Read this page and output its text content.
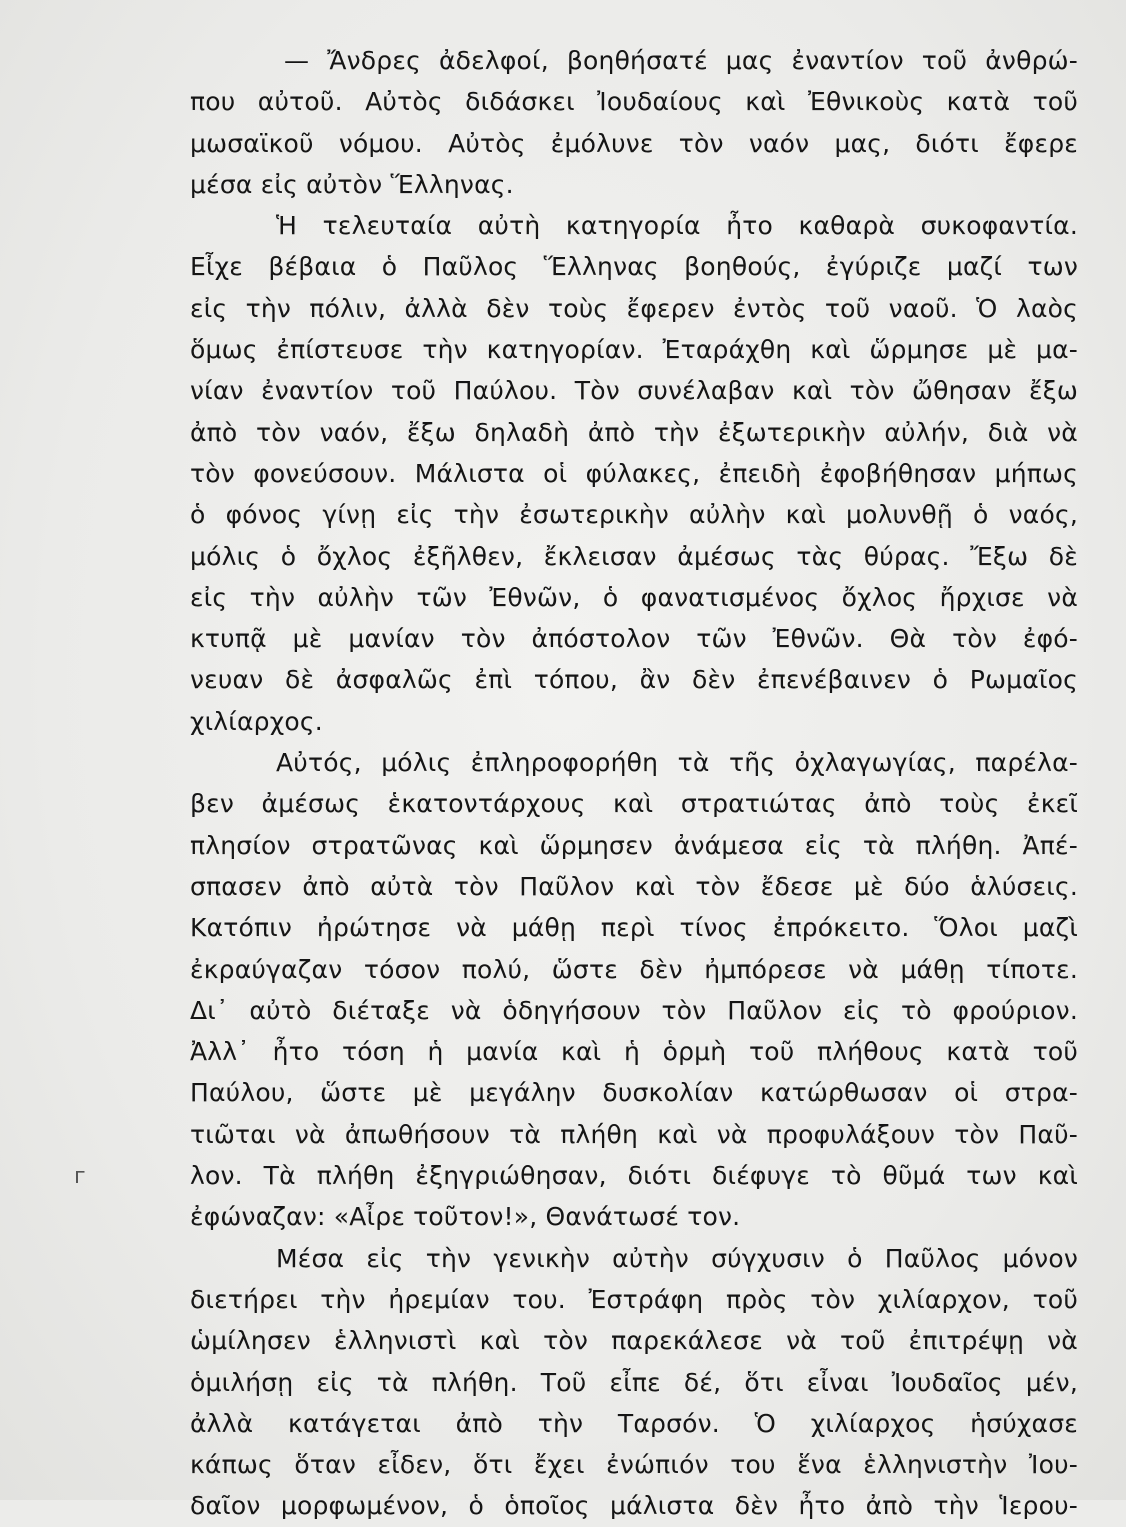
г
— Ἄνδρες ἀδελφοί, βοηθήσατέ μας ἐναντίον τοῦ ἀνθρώ-
που αὐτοῦ. Αὐτὸς διδάσκει Ἰουδαίους καὶ Ἐθνικοὺς κατὰ τοῦ
μωσαϊκοῦ νόμου. Αὐτὸς ἐμόλυνε τὸν ναόν μας, διότι ἔφερε
μέσα εἰς αὐτὸν Ἕλληνας.
Ἡ τελευταία αὐτὴ κατηγορία ἦτο καθαρὰ συκοφαντία.
Εἶχε βέβαια ὁ Παῦλος Ἕλληνας βοηθούς, ἐγύριζε μαζί των
εἰς τὴν πόλιν, ἀλλὰ δὲν τοὺς ἔφερεν ἐντὸς τοῦ ναοῦ. Ὁ λαὸς
ὅμως ἐπίστευσε τὴν κατηγορίαν. Ἐταράχθη καὶ ὥρμησε μὲ μα-
νίαν ἐναντίον τοῦ Παύλου. Τὸν συνέλαβαν καὶ τὸν ὤθησαν ἔξω
ἀπὸ τὸν ναόν, ἔξω δηλαδὴ ἀπὸ τὴν ἐξωτερικὴν αὐλήν, διὰ νὰ
τὸν φονεύσουν. Μάλιστα οἱ φύλακες, ἐπειδὴ ἐφοβήθησαν μήπως
ὁ φόνος γίνῃ εἰς τὴν ἐσωτερικὴν αὐλὴν καὶ μολυνθῇ ὁ ναός,
μόλις ὁ ὄχλος ἐξῆλθεν, ἔκλεισαν ἀμέσως τὰς θύρας. Ἔξω δὲ
εἰς τὴν αὐλὴν τῶν Ἐθνῶν, ὁ φανατισμένος ὄχλος ἤρχισε νὰ
κτυπᾷ μὲ μανίαν τὸν ἀπόστολον τῶν Ἐθνῶν. Θὰ τὸν ἐφό-
νευαν δὲ ἀσφαλῶς ἐπὶ τόπου, ἂν δὲν ἐπενέβαινεν ὁ Ρωμαῖος
χιλίαρχος.
Αὐτός, μόλις ἐπληροφορήθη τὰ τῆς ὀχλαγωγίας, παρέλα-
βεν ἀμέσως ἑκατοντάρχους καὶ στρατιώτας ἀπὸ τοὺς ἐκεῖ
πλησίον στρατῶνας καὶ ὥρμησεν ἀνάμεσα εἰς τὰ πλήθη. Ἀπέ-
σπασεν ἀπὸ αὐτὰ τὸν Παῦλον καὶ τὸν ἔδεσε μὲ δύο ἁλύσεις.
Κατόπιν ἠρώτησε νὰ μάθῃ περὶ τίνος ἐπρόκειτο. Ὅλοι μαζὶ
ἐκραύγαζαν τόσον πολύ, ὥστε δὲν ἠμπόρεσε νὰ μάθῃ τίποτε.
Δι᾽ αὐτὸ διέταξε νὰ ὁδηγήσουν τὸν Παῦλον εἰς τὸ φρούριον.
Ἀλλ᾽ ἦτο τόση ἡ μανία καὶ ἡ ὁρμὴ τοῦ πλήθους κατὰ τοῦ
Παύλου, ὥστε μὲ μεγάλην δυσκολίαν κατώρθωσαν οἱ στρα-
τιῶται νὰ ἀπωθήσουν τὰ πλήθη καὶ νὰ προφυλάξουν τὸν Παῦ-
λον. Τὰ πλήθη ἐξηγριώθησαν, διότι διέφυγε τὸ θῦμά των καὶ
ἐφώναζαν: «Αἶρε τοῦτον!», Θανάτωσέ τον.
Μέσα εἰς τὴν γενικὴν αὐτὴν σύγχυσιν ὁ Παῦλος μόνον
διετήρει τὴν ἠρεμίαν του. Ἐστράφη πρὸς τὸν χιλίαρχον, τοῦ
ὡμίλησεν ἑλληνιστὶ καὶ τὸν παρεκάλεσε νὰ τοῦ ἐπιτρέψῃ νὰ
ὁμιλήσῃ εἰς τὰ πλήθη. Τοῦ εἶπε δέ, ὅτι εἶναι Ἰουδαῖος μέν,
ἀλλὰ κατάγεται ἀπὸ τὴν Ταρσόν. Ὁ χιλίαρχος ἡσύχασε
κάπως ὅταν εἶδεν, ὅτι ἔχει ἐνώπιόν του ἕνα ἑλληνιστὴν Ἰου-
δαῖον μορφωμένον, ὁ ὁποῖος μάλιστα δὲν ἦτο ἀπὸ τὴν Ἱερου-
